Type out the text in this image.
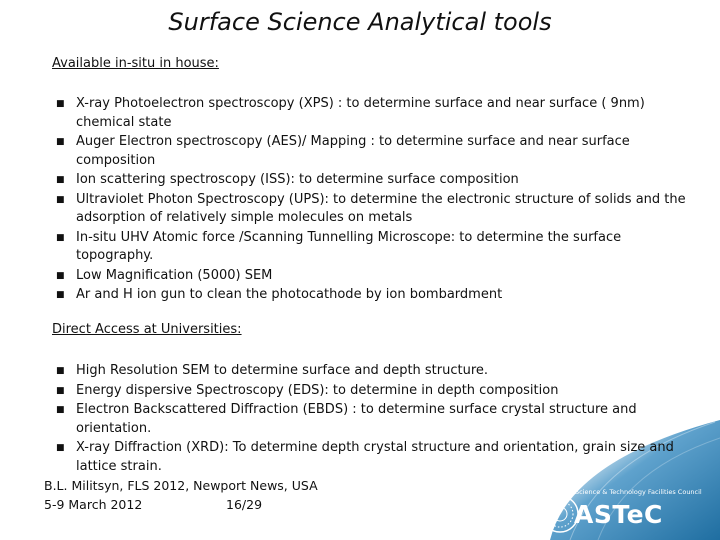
Surface Science Analytical tools
Available in-situ in house:
■ X-ray Photoelectron spectroscopy (XPS) : to determine surface and near surface ( 9nm) chemical state
■ Auger Electron spectroscopy (AES)/ Mapping : to determine surface and near surface composition
■ Ion scattering spectroscopy (ISS): to determine surface composition
■ Ultraviolet Photon Spectroscopy (UPS): to determine the electronic structure of solids and the adsorption of relatively simple molecules on metals
■ In-situ UHV Atomic force /Scanning Tunnelling Microscope: to determine the surface topography.
■ Low Magnification (5000) SEM
■ Ar and H ion gun to clean the photocathode by ion bombardment
Direct Access at Universities:
Science & Technology Facilities Council
ASTeC
■ High Resolution SEM to determine surface and depth structure.
■ Energy dispersive Spectroscopy (EDS): to determine in depth composition
■ Electron Backscattered Diffraction (EBDS) : to determine surface crystal structure and orientation.
■ X-ray Diffraction (XRD): To determine depth crystal structure and orientation, grain size and lattice strain.
B.L. Militsyn, FLS 2012, Newport News, USA
5-9 March 2012	16/29
